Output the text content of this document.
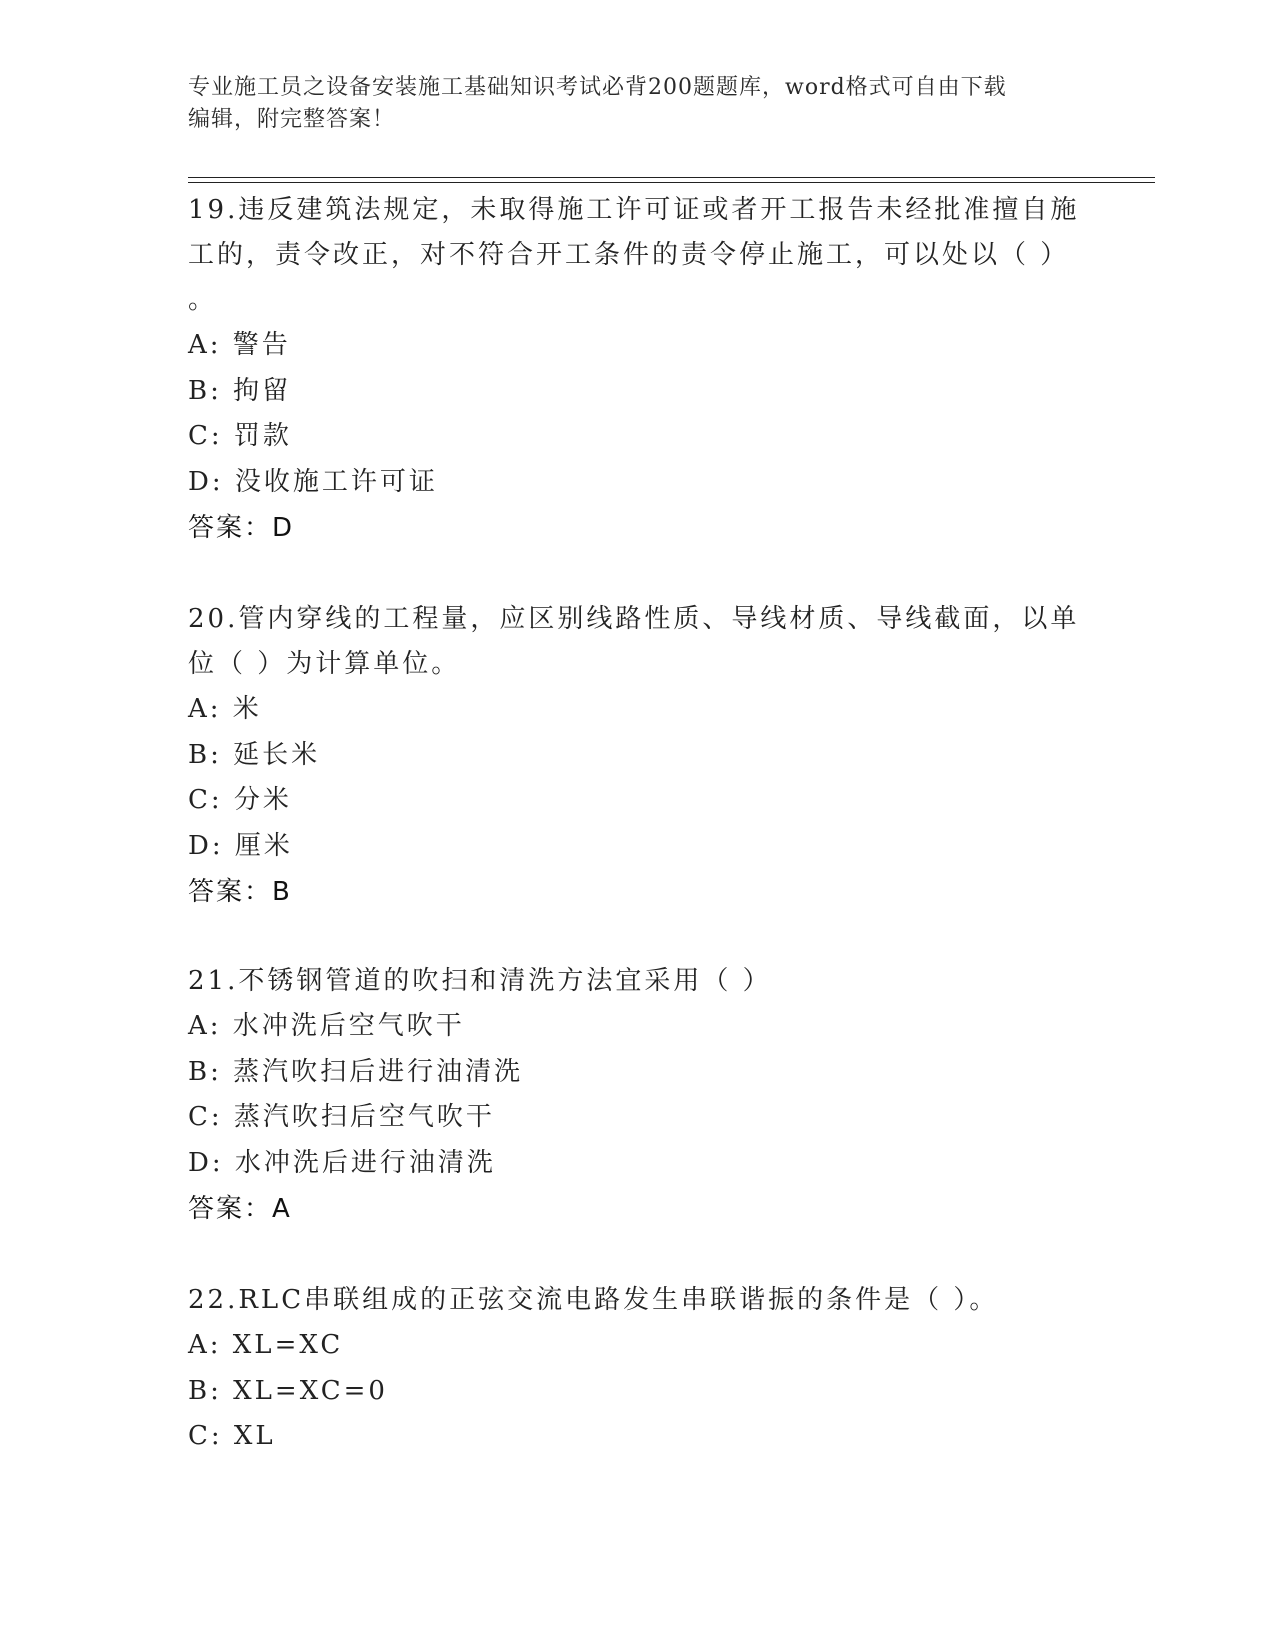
专业施工员之设备安装施工基础知识考试必背200题题库，word格式可自由下载
编辑，附完整答案！

19.违反建筑法规定，未取得施工许可证或者开工报告未经批准擅自施

工的，责令改正，对不符合开工条件的责令停止施工，可以处以（ ）

。

A: 警告

B: 拘留

C: 罚款

D: 没收施工许可证

答案：D

20.管内穿线的工程量，应区别线路性质、导线材质、导线截面，以单

位（ ）为计算单位。

A: 米

B: 延长米

C: 分米

D: 厘米

答案：B

21.不锈钢管道的吹扫和清洗方法宜采用（ ）

A: 水冲洗后空气吹干

B: 蒸汽吹扫后进行油清洗

C: 蒸汽吹扫后空气吹干

D: 水冲洗后进行油清洗

答案：A

22.RLC串联组成的正弦交流电路发生串联谐振的条件是（ ）。

A: XL=XC

B: XL=XC=0

C: XL
